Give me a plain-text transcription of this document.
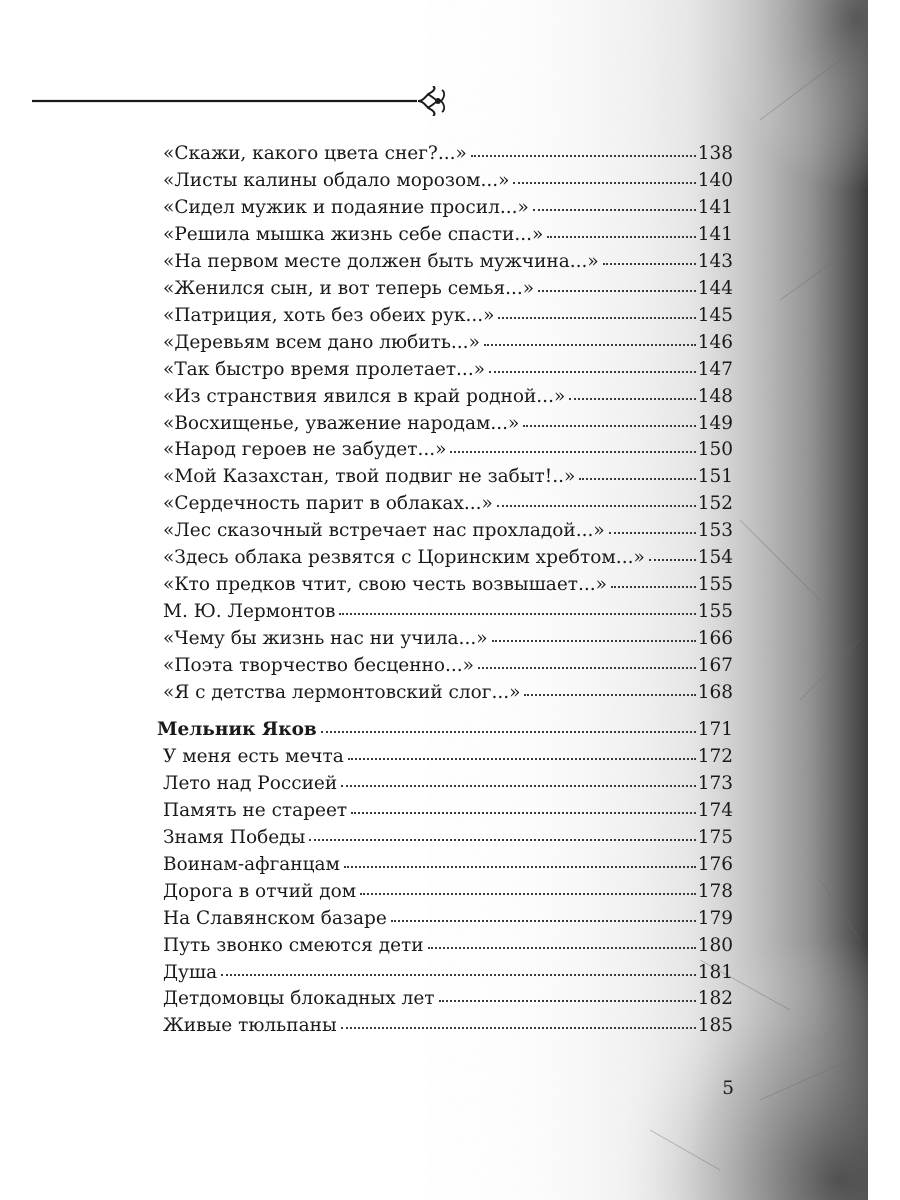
«Скажи, какого цвета снег?...»	138
«Листы калины обдало морозом...»	140
«Сидел мужик и подаяние просил...»	141
«Решила мышка жизнь себе спасти...»	141
«На первом месте должен быть мужчина...»	143
«Женился сын, и вот теперь семья...»	144
«Патриция, хоть без обеих рук...»	145
«Деревьям всем дано любить...»	146
«Так быстро время пролетает...»	147
«Из странствия явился в край родной...»	148
«Восхищенье, уважение народам...»	149
«Народ героев не забудет...»	150
«Мой Казахстан, твой подвиг не забыт!..»	151
«Сердечность парит в облаках...»	152
«Лес сказочный встречает нас прохладой...»	153
«Здесь облака резвятся с Цоринским хребтом...»	154
«Кто предков чтит, свою честь возвышает...»	155
М. Ю. Лермонтов	155
«Чему бы жизнь нас ни учила...»	166
«Поэта творчество бесценно...»	167
«Я с детства лермонтовский слог...»	168
Мельник Яков	171
У меня есть мечта	172
Лето над Россией	173
Память не стареет	174
Знамя Победы	175
Воинам-афганцам	176
Дорога в отчий дом	178
На Славянском базаре	179
Путь звонко смеются дети	180
Душа	181
Детдомовцы блокадных лет	182
Живые тюльпаны	185
5
